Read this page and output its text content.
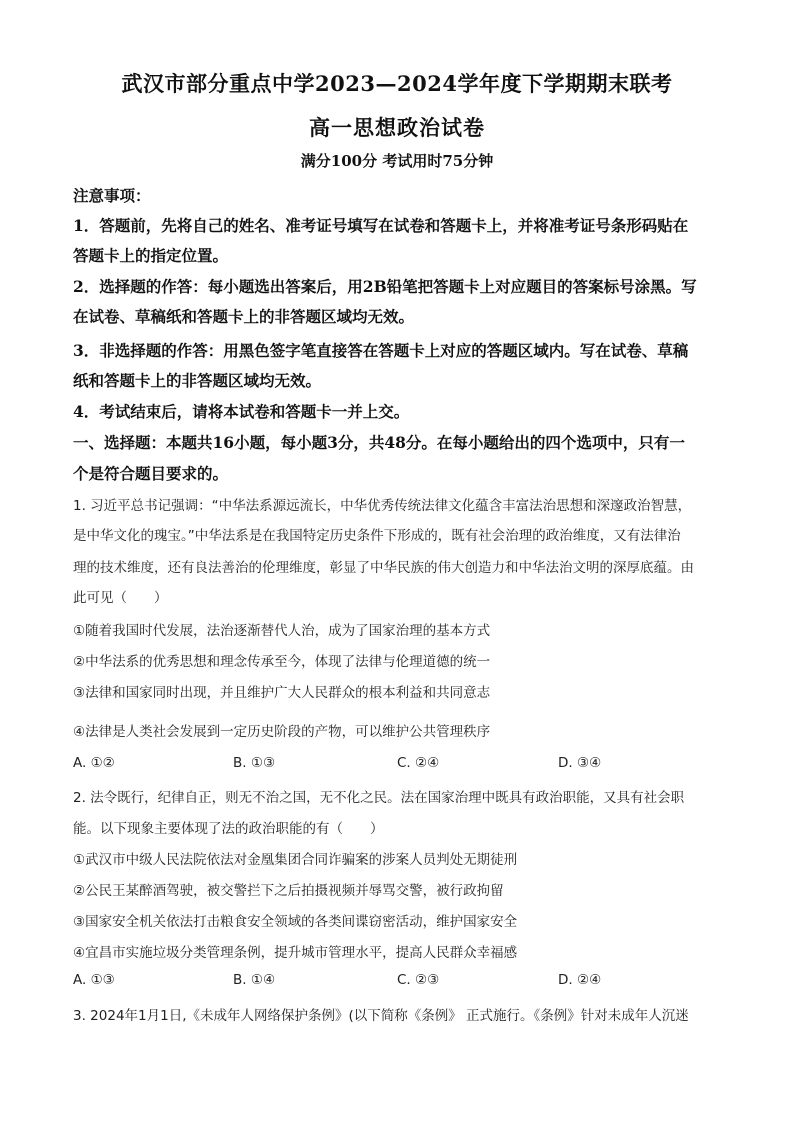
武汉市部分重点中学2023—2024学年度下学期期末联考
高一思想政治试卷
满分100分 考试用时75分钟
注意事项：
1．答题前，先将自己的姓名、准考证号填写在试卷和答题卡上，并将准考证号条形码贴在
答题卡上的指定位置。
2．选择题的作答：每小题选出答案后，用2B铅笔把答题卡上对应题目的答案标号涂黑。写
在试卷、草稿纸和答题卡上的非答题区域均无效。
3．非选择题的作答：用黑色签字笔直接答在答题卡上对应的答题区域内。写在试卷、草稿
纸和答题卡上的非答题区域均无效。
4．考试结束后，请将本试卷和答题卡一并上交。
一、选择题：本题共16小题，每小题3分，共48分。在每小题给出的四个选项中，只有一
个是符合题目要求的。
1. 习近平总书记强调：“中华法系源远流长，中华优秀传统法律文化蕴含丰富法治思想和深邃政治智慧，
是中华文化的瑰宝。”中华法系是在我国特定历史条件下形成的，既有社会治理的政治维度，又有法律治
理的技术维度，还有良法善治的伦理维度，彰显了中华民族的伟大创造力和中华法治文明的深厚底蕴。由
此可见（　　）
①随着我国时代发展，法治逐渐替代人治，成为了国家治理的基本方式
②中华法系的优秀思想和理念传承至今，体现了法律与伦理道德的统一
③法律和国家同时出现，并且维护广大人民群众的根本利益和共同意志
④法律是人类社会发展到一定历史阶段的产物，可以维护公共管理秩序
A. ①②	B. ①③	C. ②④	D. ③④
2. 法令既行，纪律自正，则无不治之国，无不化之民。法在国家治理中既具有政治职能，又具有社会职
能。以下现象主要体现了法的政治职能的有（　　）
①武汉市中级人民法院依法对金凰集团合同诈骗案的涉案人员判处无期徒刑
②公民王某醉酒驾驶，被交警拦下之后拍摄视频并辱骂交警，被行政拘留
③国家安全机关依法打击粮食安全领域的各类间谍窃密活动，维护国家安全
④宜昌市实施垃圾分类管理条例，提升城市管理水平，提高人民群众幸福感
A. ①③	B. ①④	C. ②③	D. ②④
3. 2024年1月1日,《未成年人网络保护条例》(以下简称《条例》 正式施行。《条例》针对未成年人沉迷
